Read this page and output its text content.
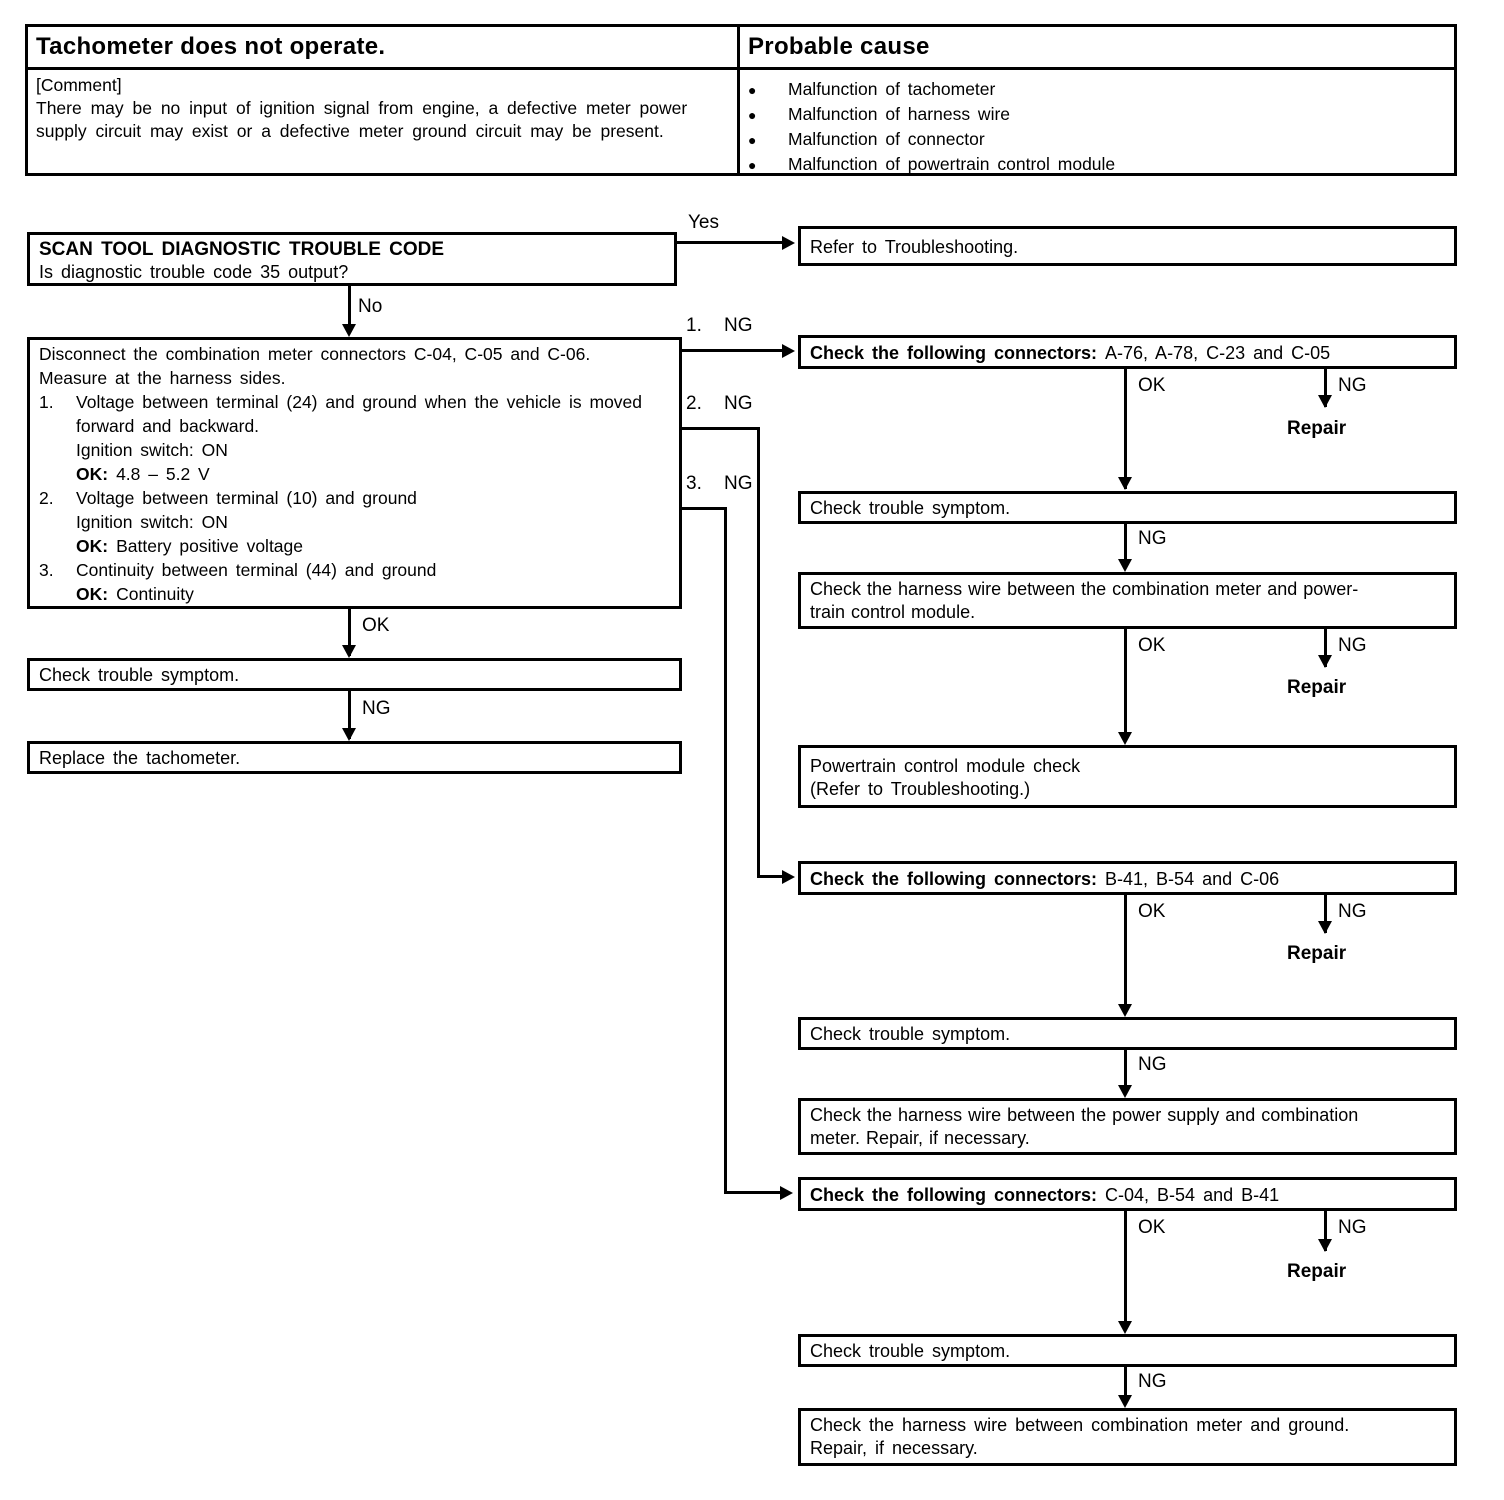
Tachometer does not operate.	Probable cause
[Comment]
There may be no input of ignition signal from engine, a defective meter power supply circuit may exist or a defective meter ground circuit may be present.
●	Malfunction of tachometer
●	Malfunction of harness wire
●	Malfunction of connector
●	Malfunction of powertrain control module
SCAN TOOL DIAGNOSTIC TROUBLE CODE
Is diagnostic trouble code 35 output?
Disconnect the combination meter connectors C-04, C-05 and C-06.
Measure at the harness sides.
1.	Voltage between terminal (24) and ground when the vehicle is moved forward and backward.
Ignition switch: ON
OK: 4.8 – 5.2 V
2.	Voltage between terminal (10) and ground
Ignition switch: ON
OK: Battery positive voltage
3.	Continuity between terminal (44) and ground
OK: Continuity
Check trouble symptom.
Replace the tachometer.
Refer to Troubleshooting.
Check the following connectors: A-76, A-78, C-23 and C-05
Check trouble symptom.
Check the harness wire between the combination meter and power-
train control module.
Powertrain control module check
(Refer to Troubleshooting.)
Check the following connectors: B-41, B-54 and C-06
Check trouble symptom.
Check the harness wire between the power supply and combination
meter. Repair, if necessary.
Check the following connectors: C-04, B-54 and B-41
Check trouble symptom.
Check the harness wire between combination meter and ground.
Repair, if necessary.
Yes
No
1. NG
2. NG
3. NG
OK
NG
OK	NG
Repair
NG
OK	NG
Repair
OK	NG
Repair
NG
OK	NG
Repair
NG
